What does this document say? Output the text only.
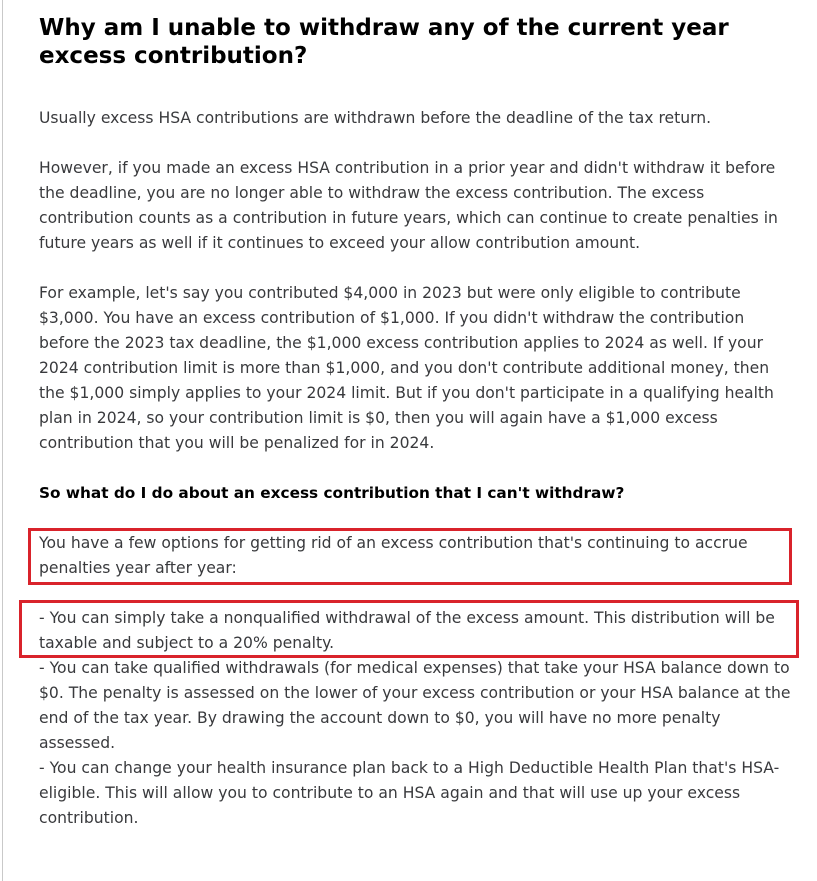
Why am I unable to withdraw any of the current year excess contribution?

Usually excess HSA contributions are withdrawn before the deadline of the tax return.

However, if you made an excess HSA contribution in a prior year and didn't withdraw it before the deadline, you are no longer able to withdraw the excess contribution. The excess contribution counts as a contribution in future years, which can continue to create penalties in future years as well if it continues to exceed your allow contribution amount.

For example, let's say you contributed $4,000 in 2023 but were only eligible to contribute $3,000. You have an excess contribution of $1,000. If you didn't withdraw the contribution before the 2023 tax deadline, the $1,000 excess contribution applies to 2024 as well. If your 2024 contribution limit is more than $1,000, and you don't contribute additional money, then the $1,000 simply applies to your 2024 limit. But if you don't participate in a qualifying health plan in 2024, so your contribution limit is $0, then you will again have a $1,000 excess contribution that you will be penalized for in 2024.

So what do I do about an excess contribution that I can't withdraw?

You have a few options for getting rid of an excess contribution that's continuing to accrue penalties year after year:

- You can simply take a nonqualified withdrawal of the excess amount. This distribution will be taxable and subject to a 20% penalty.

- You can take qualified withdrawals (for medical expenses) that take your HSA balance down to $0. The penalty is assessed on the lower of your excess contribution or your HSA balance at the end of the tax year. By drawing the account down to $0, you will have no more penalty assessed.

- You can change your health insurance plan back to a High Deductible Health Plan that's HSA-eligible. This will allow you to contribute to an HSA again and that will use up your excess contribution.
